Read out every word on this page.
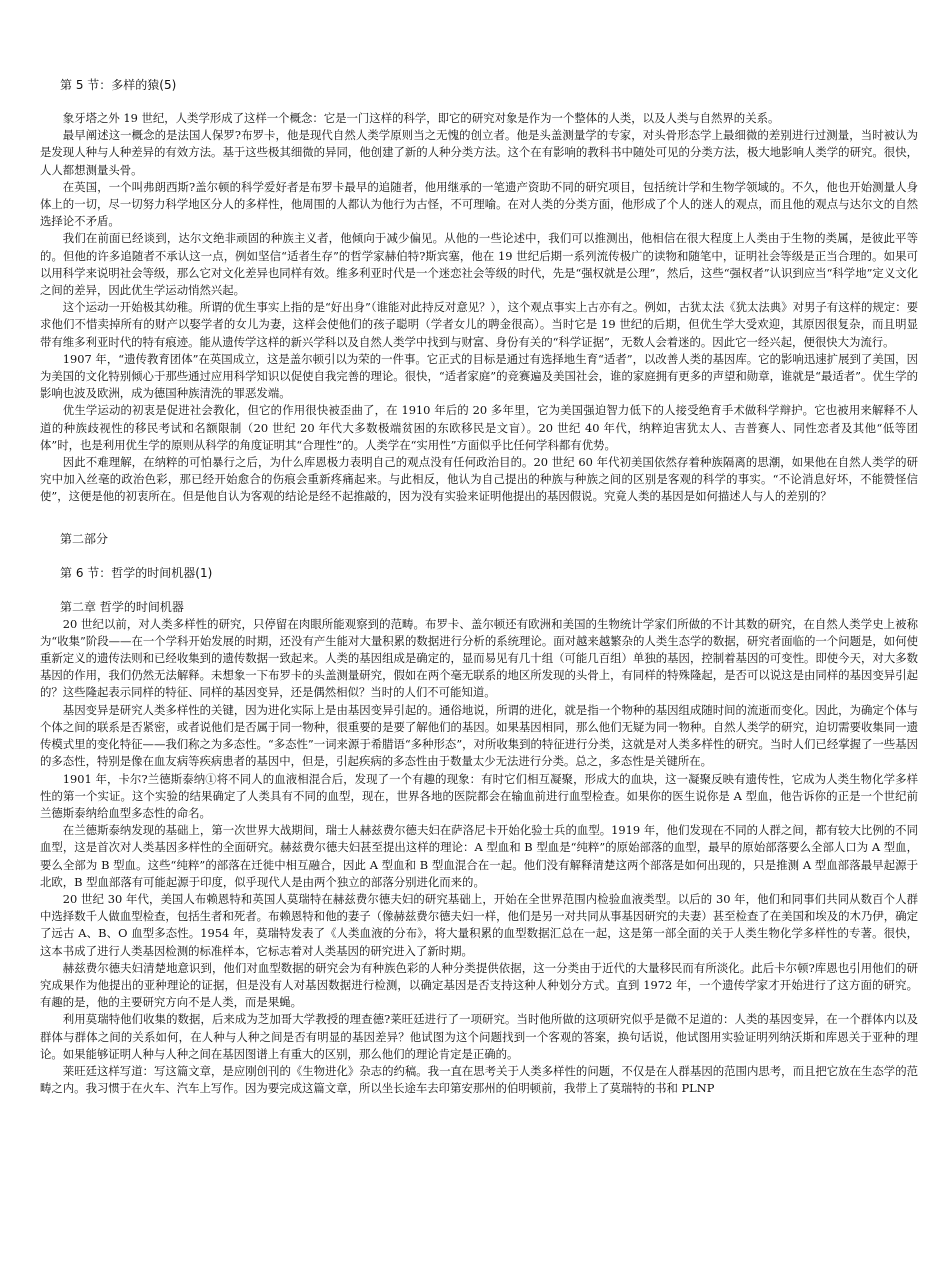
第 5 节：多样的猿(5)

象牙塔之外 19 世纪，人类学形成了这样一个概念：它是一门这样的科学，即它的研究对象是作为一个整体的人类，以及人类与自然界的关系。

最早阐述这一概念的是法国人保罗?布罗卡，他是现代自然人类学原则当之无愧的创立者。他是头盖测量学的专家，对头骨形态学上最细微的差别进行过测量，当时被认为是发现人种与人种差异的有效方法。基于这些极其细微的异同，他创建了新的人种分类方法。这个在有影响的教科书中随处可见的分类方法，极大地影响人类学的研究。很快，人人都想测量头骨。

在英国，一个叫弗朗西斯?盖尔顿的科学爱好者是布罗卡最早的追随者，他用继承的一笔遗产资助不同的研究项目，包括统计学和生物学领域的。不久，他也开始测量人身体上的一切，尽一切努力科学地区分人的多样性，他周围的人都认为他行为古怪，不可理喻。在对人类的分类方面，他形成了个人的迷人的观点，而且他的观点与达尔文的自然选择论不矛盾。

我们在前面已经谈到，达尔文绝非顽固的种族主义者，他倾向于减少偏见。从他的一些论述中，我们可以推测出，他相信在很大程度上人类由于生物的类属，是彼此平等的。但他的许多追随者不承认这一点，例如坚信“适者生存”的哲学家赫伯特?斯宾塞，他在 19 世纪后期一系列流传极广的读物和随笔中，证明社会等级是正当合理的。如果可以用科学来说明社会等级，那么它对文化差异也同样有效。维多利亚时代是一个迷恋社会等级的时代，先是“强权就是公理”，然后，这些“强权者”认识到应当“科学地”定义文化之间的差异，因此优生学运动悄然兴起。

这个运动一开始极其幼稚。所谓的优生事实上指的是“好出身”（谁能对此持反对意见？），这个观点事实上古亦有之。例如，古犹太法《犹太法典》对男子有这样的规定：要求他们不惜卖掉所有的财产以娶学者的女儿为妻，这样会使他们的孩子聪明（学者女儿的聘金很高）。当时它是 19 世纪的后期，但优生学大受欢迎，其原因很复杂，而且明显带有维多利亚时代的特有痕迹。能从遗传学这样的新兴学科以及自然人类学中找到与财富、身份有关的“科学证据”，无数人会着迷的。因此它一经兴起，便很快大为流行。

1907 年，“遗传教育团体”在英国成立，这是盖尔顿引以为荣的一件事。它正式的目标是通过有选择地生育“适者”，以改善人类的基因库。它的影响迅速扩展到了美国，因为美国的文化特别倾心于那些通过应用科学知识以促使自我完善的理论。很快，“适者家庭”的竞赛遍及美国社会，谁的家庭拥有更多的声望和勋章，谁就是“最适者”。优生学的影响也波及欧洲，成为德国种族清洗的罪恶发端。

优生学运动的初衷是促进社会教化，但它的作用很快被歪曲了，在 1910 年后的 20 多年里，它为美国强迫智力低下的人接受绝育手术做科学辩护。它也被用来解释不人道的种族歧视性的移民考试和名额限制（20 世纪 20 年代大多数极端贫困的东欧移民是文盲）。20 世纪 40 年代，纳粹迫害犹太人、吉普赛人、同性恋者及其他“低等团体”时，也是利用优生学的原则从科学的角度证明其“合理性”的。人类学在“实用性”方面似乎比任何学科都有优势。

因此不难理解，在纳粹的可怕暴行之后，为什么库恩极力表明自己的观点没有任何政治目的。20 世纪 60 年代初美国依然存着种族隔离的思潮，如果他在自然人类学的研究中加入丝毫的政治色彩，那已经开始愈合的伤痕会重新疼痛起来。与此相反，他认为自己提出的种族与种族之间的区别是客观的科学的事实。“不论消息好坏，不能赞怪信使”，这便是他的初衷所在。但是他自认为客观的结论是经不起推敲的，因为没有实验来证明他提出的基因假说。究竟人类的基因是如何描述人与人的差别的？

第二部分
第 6 节：哲学的时间机器(1)
第二章 哲学的时间机器

20 世纪以前，对人类多样性的研究，只停留在肉眼所能观察到的范畴。布罗卡、盖尔顿还有欧洲和美国的生物统计学家们所做的不计其数的研究，在自然人类学史上被称为“收集”阶段——在一个学科开始发展的时期，还没有产生能对大量积累的数据进行分析的系统理论。面对越来越繁杂的人类生态学的数据，研究者面临的一个问题是，如何使重新定义的遗传法则和已经收集到的遗传数据一致起来。人类的基因组成是确定的，显而易见有几十组（可能几百组）单独的基因，控制着基因的可变性。即使今天，对大多数基因的作用，我们仍然无法解释。未想象一下布罗卡的头盖测量研究，假如在两个毫无联系的地区所发现的头骨上，有同样的特殊隆起，是否可以说这是由同样的基因变异引起的？这些隆起表示同样的特征、同样的基因变异，还是偶然相似？当时的人们不可能知道。

基因变异是研究人类多样性的关键，因为进化实际上是由基因变异引起的。通俗地说，所谓的进化，就是指一个物种的基因组成随时间的流逝而变化。因此，为确定个体与个体之间的联系是否紧密，或者说他们是否属于同一物种，很重要的是要了解他们的基因。如果基因相同，那么他们无疑为同一物种。自然人类学的研究，迫切需要收集同一遗传模式里的变化特征——我们称之为多态性。“多态性”一词来源于希腊语“多种形态”，对所收集到的特征进行分类，这就是对人类多样性的研究。当时人们已经掌握了一些基因的多态性，特别是像在血友病等疾病患者的基因中，但是，引起疾病的多态性由于数量太少无法进行分类。总之，多态性是关键所在。

1901 年，卡尔?兰德斯泰纳①将不同人的血液相混合后，发现了一个有趣的现象：有时它们相互凝聚，形成大的血块，这一凝聚反映有遗传性，它成为人类生物化学多样性的第一个实证。这个实验的结果确定了人类具有不同的血型，现在，世界各地的医院都会在输血前进行血型检查。如果你的医生说你是 A 型血，他告诉你的正是一个世纪前兰德斯泰纳给血型多态性的命名。

在兰德斯泰纳发现的基础上，第一次世界大战期间，瑞士人赫兹费尔德夫妇在萨洛尼卡开始化验士兵的血型。1919 年，他们发现在不同的人群之间，都有较大比例的不同血型，这是首次对人类基因多样性的全面研究。赫兹费尔德夫妇甚至提出这样的理论：A 型血和 B 型血是“纯粹”的原始部落的血型，最早的原始部落要么全部人口为 A 型血，要么全部为 B 型血。这些“纯粹”的部落在迁徙中相互融合，因此 A 型血和 B 型血混合在一起。他们没有解释清楚这两个部落是如何出现的，只是推测 A 型血部落最早起源于北欧，B 型血部落有可能起源于印度，似乎现代人是由两个独立的部落分别进化而来的。

20 世纪 30 年代，美国人布赖恩特和英国人莫瑞特在赫兹费尔德夫妇的研究基础上，开始在全世界范围内检验血液类型。以后的 30 年，他们和同事们共同从数百个人群中选择数千人做血型检查，包括生者和死者。布赖恩特和他的妻子（像赫兹费尔德夫妇一样，他们是另一对共同从事基因研究的夫妻）甚至检查了在美国和埃及的木乃伊，确定了远古 A、B、O 血型多态性。1954 年，莫瑞特发表了《人类血液的分布》，将大量积累的血型数据汇总在一起，这是第一部全面的关于人类生物化学多样性的专著。很快，这本书成了进行人类基因检测的标准样本，它标志着对人类基因的研究进入了新时期。

赫兹费尔德夫妇清楚地意识到，他们对血型数据的研究会为有种族色彩的人种分类提供依据，这一分类由于近代的大量移民而有所淡化。此后卡尔顿?库恩也引用他们的研究成果作为他提出的亚种理论的证据，但是没有人对基因数据进行检测，以确定基因是否支持这种人种划分方式。直到 1972 年，一个遗传学家才开始进行了这方面的研究。有趣的是，他的主要研究方向不是人类，而是果蝇。

利用莫瑞特他们收集的数据，后来成为芝加哥大学教授的理查德?莱旺廷进行了一项研究。当时他所做的这项研究似乎是微不足道的：人类的基因变异，在一个群体内以及群体与群体之间的关系如何，在人种与人种之间是否有明显的基因差异？他试图为这个问题找到一个客观的答案，换句话说，他试图用实验证明列纳沃斯和库恩关于亚种的理论。如果能够证明人种与人种之间在基因图谱上有重大的区别，那么他们的理论肯定是正确的。

莱旺廷这样写道：写这篇文章，是应刚创刊的《生物进化》杂志的约稿。我一直在思考关于人类多样性的问题，不仅是在人群基因的范围内思考，而且把它放在生态学的范畴之内。我习惯于在火车、汽车上写作。因为要完成这篇文章，所以坐长途车去印第安那州的伯明顿前，我带上了莫瑞特的书和 PLNP
